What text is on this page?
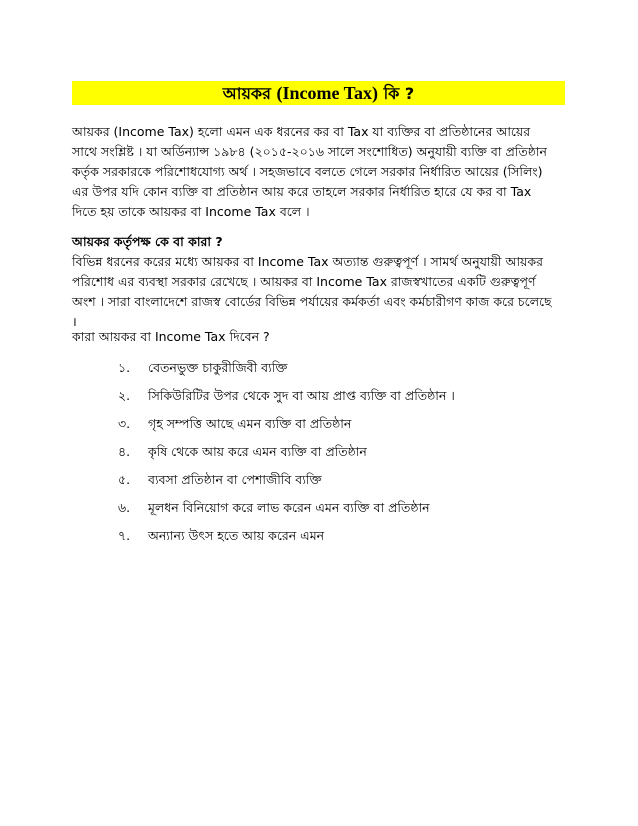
আয়কর (Income Tax) কি ?
আয়কর (Income Tax) হলো এমন এক ধরনের কর বা Tax যা ব্যক্তির বা প্রতিষ্ঠানের আয়ের
সাথে সংশ্লিষ্ট । যা অর্ডিন্যান্স ১৯৮৪ (২০১৫-২০১৬ সালে সংশোধিত) অনুযায়ী ব্যক্তি বা প্রতিষ্ঠান
কর্তৃক সরকারকে পরিশোধযোগ্য অর্থ । সহজভাবে বলতে গেলে সরকার নির্ধারিত আয়ের (সিলিং)
এর উপর যদি কোন ব্যক্তি বা প্রতিষ্ঠান আয় করে তাহলে সরকার নির্ধারিত হারে যে কর বা Tax
দিতে হয় তাকে আয়কর বা Income Tax বলে ।
আয়কর কর্তৃপক্ষ কে বা কারা ?
বিভিন্ন ধরনের করের মধ্যে আয়কর বা Income Tax অত্যান্ত গুরুত্বপূর্ণ । সামর্থ অনুযায়ী আয়কর
পরিশোধ এর ব্যবস্থা সরকার রেখেছে । আয়কর বা Income Tax রাজস্বখাতের একটি গুরুত্বপূর্ণ
অংশ । সারা বাংলাদেশে রাজস্ব বোর্ডের বিভিন্ন পর্যায়ের কর্মকর্তা এবং কর্মচারীগণ কাজ করে চলেছে
।
কারা আয়কর বা Income Tax দিবেন ?
১. বেতনভুক্ত চাকুরীজিবী ব্যক্তি
২. সিকিউরিটির উপর থেকে সুদ বা আয় প্রাপ্ত ব্যক্তি বা প্রতিষ্ঠান ।
৩. গৃহ সম্পত্তি আছে এমন ব্যক্তি বা প্রতিষ্ঠান
৪. কৃষি থেকে আয় করে এমন ব্যক্তি বা প্রতিষ্ঠান
৫. ব্যবসা প্রতিষ্ঠান বা পেশাজীবি ব্যক্তি
৬. মূলধন বিনিয়োগ করে লাভ করেন এমন ব্যক্তি বা প্রতিষ্ঠান
৭. অন্যান্য উৎস হতে আয় করেন এমন
